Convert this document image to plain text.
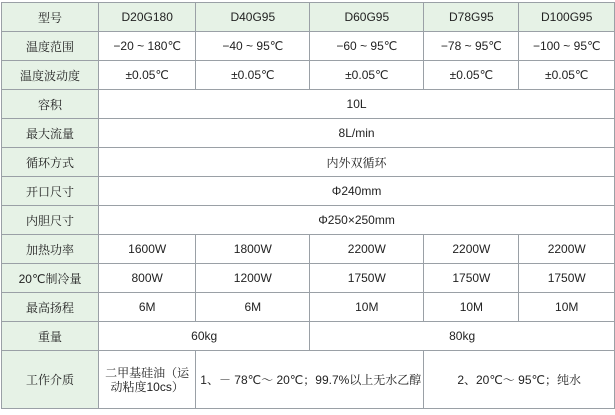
型号	D20G180	D40G95	D60G95	D78G95	D100G95
温度范围	−20 ~ 180℃	−40 ~ 95℃	−60 ~ 95℃	−78 ~ 95℃	−100 ~ 95℃
温度波动度	±0.05℃	±0.05℃	±0.05℃	±0.05℃	±0.05℃
容积	10L				
最大流量	8L/min				
循环方式	内外双循环				
开口尺寸	Φ240mm				
内胆尺寸	Φ250×250mm				
加热功率	1600W	1800W	2200W	2200W	2200W
20℃制冷量	800W	1200W	1750W	1750W	1750W
最高扬程	6M	6M	10M	10M	10M
重量	60kg		80kg		
工作介质	二甲基硅油（运动粘度10cs）	1、－ 78℃～ 20℃；99.7%以上无水乙醇		2、20℃～ 95℃；纯水	
